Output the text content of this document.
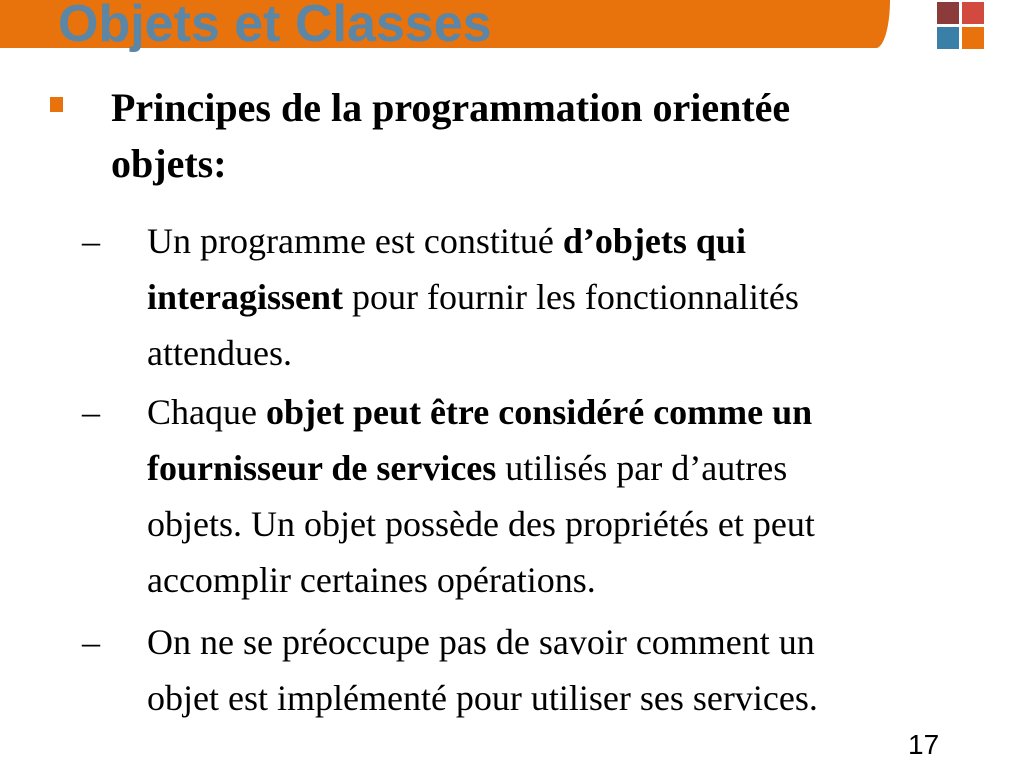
Objets et Classes
Principes de la programmation orientée
objets:
– Un programme est constitué d’objets qui
interagissent pour fournir les fonctionnalités
attendues.
– Chaque objet peut être considéré comme un
fournisseur de services utilisés par d’autres
objets. Un objet possède des propriétés et peut
accomplir certaines opérations.
– On ne se préoccupe pas de savoir comment un
objet est implémenté pour utiliser ses services.
17
